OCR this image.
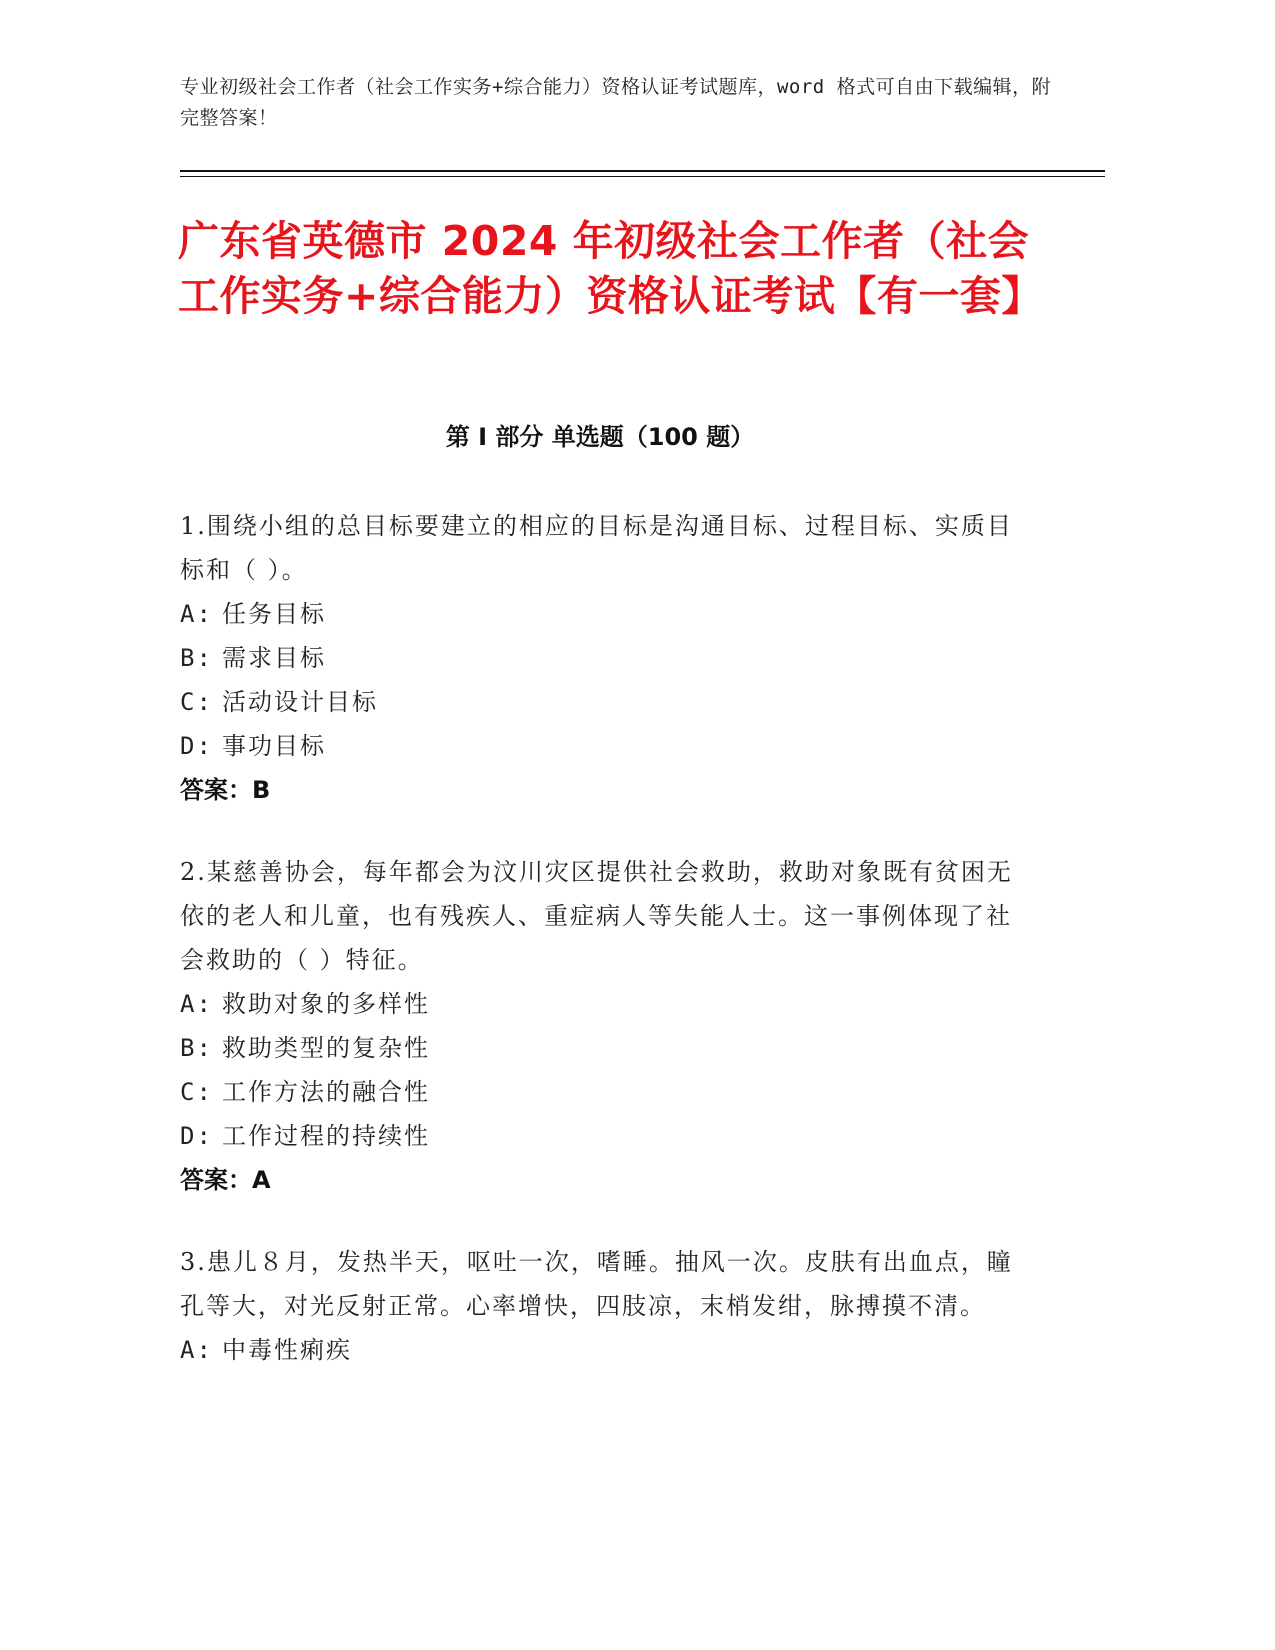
专业初级社会工作者（社会工作实务+综合能力）资格认证考试题库，word 格式可自由下载编辑，附完整答案！
广东省英德市 2024 年初级社会工作者（社会工作实务+综合能力）资格认证考试【有一套】
第 I 部分 单选题（100 题）

1.围绕小组的总目标要建立的相应的目标是沟通目标、过程目标、实质目标和（ ）。

A: 任务目标
B: 需求目标
C: 活动设计目标
D: 事功目标

答案：B

2.某慈善协会，每年都会为汶川灾区提供社会救助，救助对象既有贫困无依的老人和儿童，也有残疾人、重症病人等失能人士。这一事例体现了社会救助的（ ）特征。

A: 救助对象的多样性
B: 救助类型的复杂性
C: 工作方法的融合性
D: 工作过程的持续性

答案：A

3.患儿８月，发热半天，呕吐一次，嗜睡。抽风一次。皮肤有出血点，瞳孔等大，对光反射正常。心率增快，四肢凉，末梢发绀，脉搏摸不清。

A: 中毒性痢疾
